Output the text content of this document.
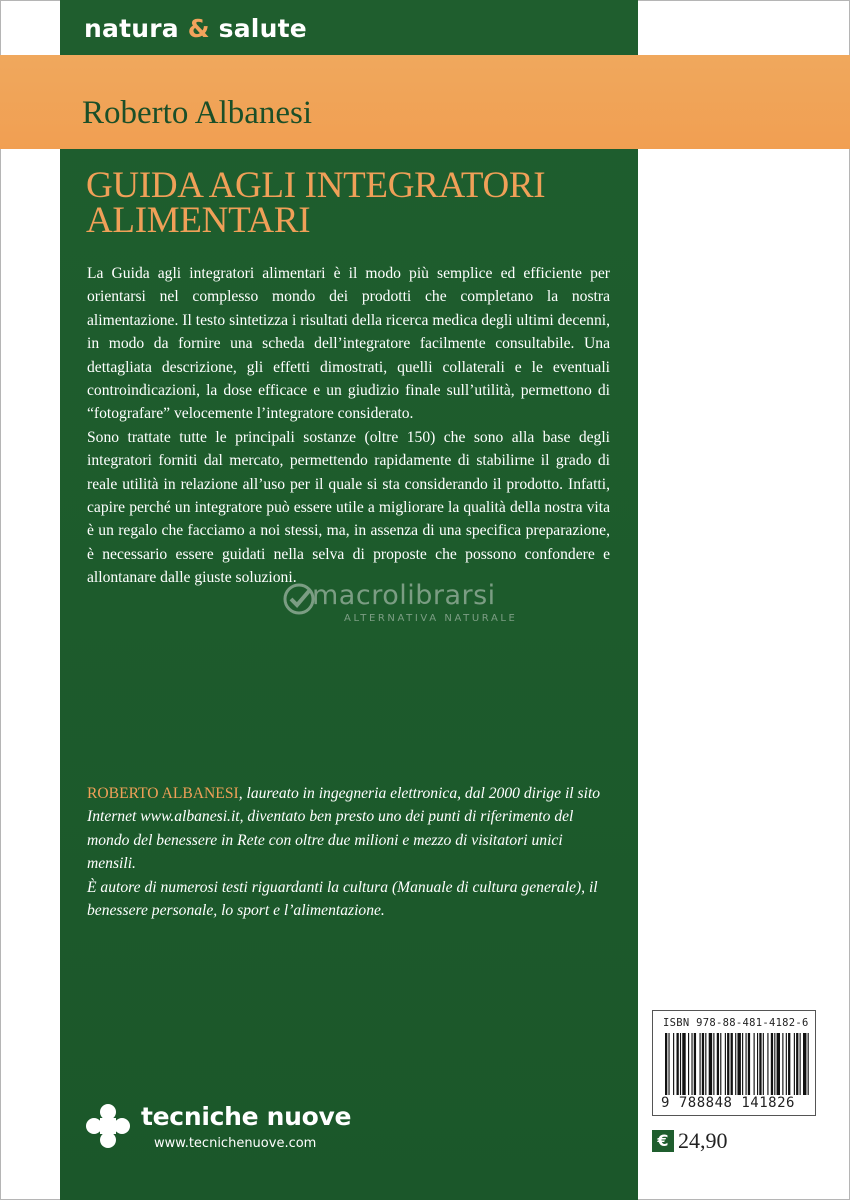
natura & salute

Roberto Albanesi

GUIDA AGLI INTEGRATORI
ALIMENTARI

La Guida agli integratori alimentari è il modo più semplice ed efficiente per orientarsi nel complesso mondo dei prodotti che completano la nostra alimentazione. Il testo sintetizza i risultati della ricerca medica degli ultimi decenni, in modo da fornire una scheda dell’integratore facilmente consultabile. Una dettagliata descrizione, gli effetti dimostrati, quelli collaterali e le eventuali controindicazioni, la dose efficace e un giudizio finale sull’utilità, permettono di “fotografare” velocemente l’integratore considerato.

Sono trattate tutte le principali sostanze (oltre 150) che sono alla base degli integratori forniti dal mercato, permettendo rapidamente di stabilirne il grado di reale utilità in relazione all’uso per il quale si sta considerando il prodotto. Infatti, capire perché un integratore può essere utile a migliorare la qualità della nostra vita è un regalo che facciamo a noi stessi, ma, in assenza di una specifica preparazione, è necessario essere guidati nella selva di proposte che possono confondere e allontanare dalle giuste soluzioni.

macrolibrarsi

ALTERNATIVA NATURALE

ROBERTO ALBANESI, laureato in ingegneria elettronica, dal 2000 dirige il sito Internet www.albanesi.it, diventato ben presto uno dei punti di riferimento del mondo del benessere in Rete con oltre due milioni e mezzo di visitatori unici mensili.

È autore di numerosi testi riguardanti la cultura (Manuale di cultura generale), il benessere personale, lo sport e l’alimentazione.

tecniche nuove

www.tecnichenuove.com

ISBN 978-88-481-4182-6

9 788848 141826

€ 24,90
